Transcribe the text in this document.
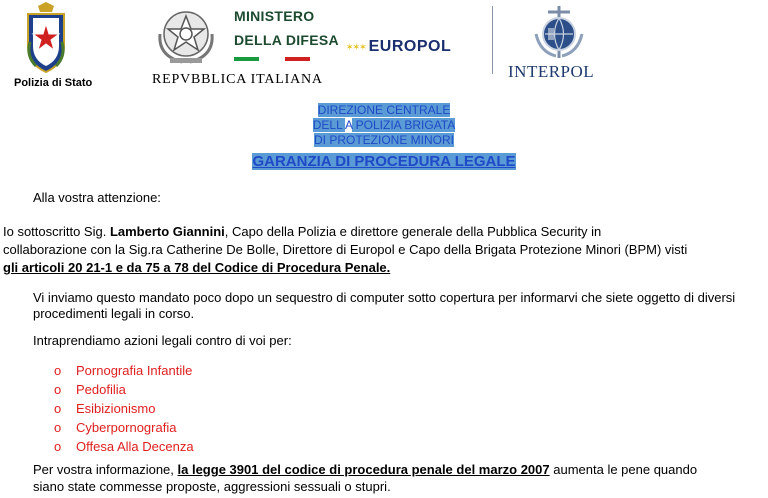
Polizia di Stato
MINISTERO
DELLA DIFESA
REPVBBLICA ITALIANA
✶✶✶ EUROPOL
INTERPOL
DIREZIONE CENTRALE
DELL A POLIZIA BRIGATA
DI PROTEZIONE MINORI
GARANZIA DI PROCEDURA LEGALE
Alla vostra attenzione:
Io sottoscritto Sig. Lamberto Giannini, Capo della Polizia e direttore generale della Pubblica Security in
collaborazione con la Sig.ra Catherine De Bolle, Direttore di Europol e Capo della Brigata Protezione Minori (BPM) visti
gli articoli 20 21-1 e da 75 a 78 del Codice di Procedura Penale.
Vi inviamo questo mandato poco dopo un sequestro di computer sotto copertura per informarvi che siete oggetto di diversi
procedimenti legali in corso.
Intraprendiamo azioni legali contro di voi per:
o Pornografia Infantile
o Pedofilia
o Esibizionismo
o Cyberpornografia
o Offesa Alla Decenza
Per vostra informazione, la legge 3901 del codice di procedura penale del marzo 2007 aumenta le pene quando
siano state commesse proposte, aggressioni sessuali o stupri.
